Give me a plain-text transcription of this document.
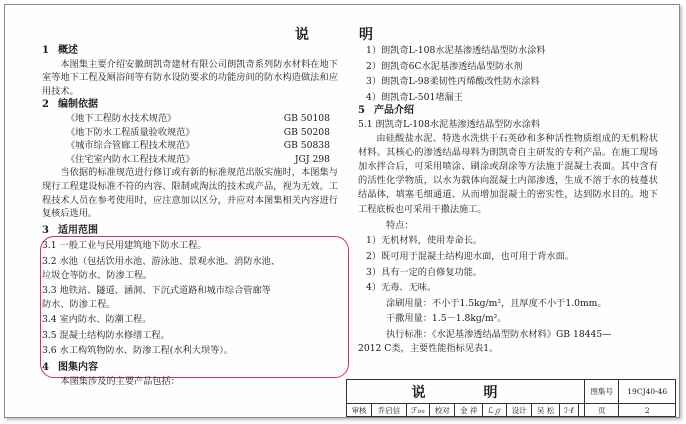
说　明
1 概述

本图集主要介绍安徽朗凯奇建材有限公司朗凯奇系列防水材料在地下室等地下工程及厕浴间等有防水设防要求的功能房间的防水构造做法和应用技术。

2 编制依据
《地下工程防水技术规范》	GB 50108
《地下防水工程质量验收规范》	GB 50208
《城市综合管廊工程技术规范》	GB 50838
《住宅室内防水工程技术规范》	JGJ 298

当依据的标准规范进行修订或有新的标准规范出版实施时，本图集与现行工程建设标准不符的内容、限制或淘汰的技术或产品，视为无效。工程技术人员在参考使用时，应注意加以区分，并应对本图集相关内容进行复核后选用。

3 适用范围
3.1 一般工业与民用建筑地下防水工程。
3.2 水池（包括饮用水池、游泳池、景观水池、消防水池、
垃圾仓等防水、防渗工程。
3.3 地铁站、隧道、涵洞、下沉式道路和城市综合管廊等
防水、防渗工程。
3.4 室内防水、防潮工程。
3.5 混凝土结构防水修缮工程。
3.6 水工构筑物防水、防渗工程(水利大坝等）。
4 图集内容

本图集涉及的主要产品包括：

1）朗凯奇L-108水泥基渗透结晶型防水涂料
2）朗凯奇6C水泥基渗透结晶型防水剂
3）朗凯奇L-98柔韧性丙烯酸改性防水涂料
4）朗凯奇L-501堵漏王
5 产品介绍
5.1 朗凯奇L-108水泥基渗透结晶型防水涂料

由硅酸盐水泥、特选水洗烘干石英砂和多种活性物质组成的无机粉状材料。其核心的渗透结晶母料为朗凯奇自主研发的专利产品。在施工现场加水拌合后，可采用喷涂、刷涂或刮涂等方法施于混凝土表面。其中含有的活性化学物质，以水为载体向混凝土内部渗透，生成不溶于水的枝蔓状结晶体，填塞毛细通道、从而增加混凝土的密实性，达到防水目的。地下工程底板也可采用干撒法施工。

特点：
1）无机材料，使用寿命长。
2）既可用于混凝土结构迎水面，也可用于背水面。
3）具有一定的自修复功能。
4）无毒、无味。
涂刷用量：不小于1.5kg/m²，且厚度不小于1.0mm。
干撒用量：1.5－1.8kg/m²。
执行标准：《水泥基渗透结晶型防水材料》GB 18445—
2012 C类，主要性能指标见表1。
说　明										图集号	19CJ40-46
审核	乔启信	ℱℴℴ	校对	金 祥	ℒℊ	设计	吴 松	ℐ·ℓ		页	2
